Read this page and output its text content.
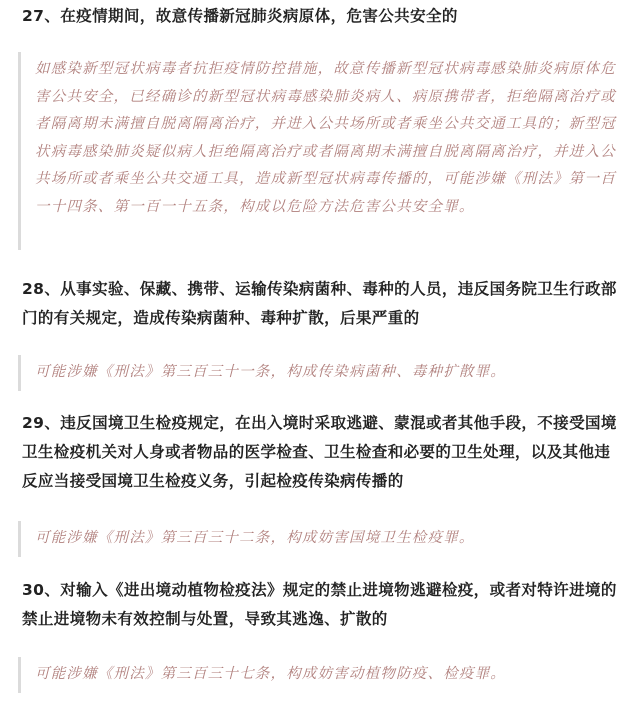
27、在疫情期间，故意传播新冠肺炎病原体，危害公共安全的

如感染新型冠状病毒者抗拒疫情防控措施，故意传播新型冠状病毒感染肺炎病原体危害公共安全，已经确诊的新型冠状病毒感染肺炎病人、病原携带者，拒绝隔离治疗或者隔离期未满擅自脱离隔离治疗，并进入公共场所或者乘坐公共交通工具的；新型冠状病毒感染肺炎疑似病人拒绝隔离治疗或者隔离期未满擅自脱离隔离治疗，并进入公共场所或者乘坐公共交通工具，造成新型冠状病毒传播的，可能涉嫌《刑法》第一百一十四条、第一百一十五条，构成以危险方法危害公共安全罪。

28、从事实验、保藏、携带、运输传染病菌种、毒种的人员，违反国务院卫生行政部门的有关规定，造成传染病菌种、毒种扩散，后果严重的

可能涉嫌《刑法》第三百三十一条，构成传染病菌种、毒种扩散罪。

29、违反国境卫生检疫规定，在出入境时采取逃避、蒙混或者其他手段，不接受国境卫生检疫机关对人身或者物品的医学检查、卫生检查和必要的卫生处理，以及其他违反应当接受国境卫生检疫义务，引起检疫传染病传播的

可能涉嫌《刑法》第三百三十二条，构成妨害国境卫生检疫罪。

30、对输入《进出境动植物检疫法》规定的禁止进境物逃避检疫，或者对特许进境的禁止进境物未有效控制与处置，导致其逃逸、扩散的

可能涉嫌《刑法》第三百三十七条，构成妨害动植物防疫、检疫罪。
